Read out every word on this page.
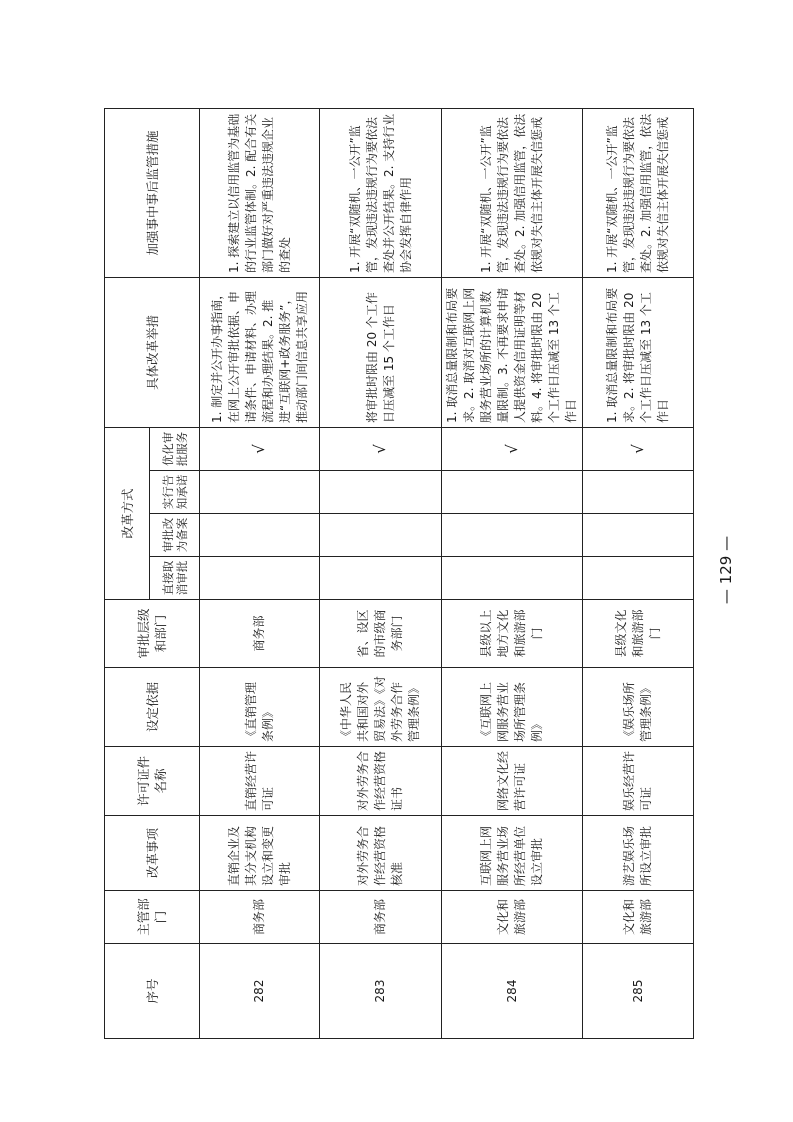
序号	主管部门	改革事项	许可证件名称	设定依据	审批层级和部门	改革方式				具体改革举措	加强事中事后监管措施
						直接取消审批	审批改为备案	实行告知承诺	优化审批服务		
282	商务部	直销企业及其分支机构设立和变更审批	直销经营许可证	《直销管理条例》	商务部				√	1. 制定并公开办事指南，在网上公开审批依据、申请条件、申请材料、办理流程和办理结果。2. 推进“互联网+政务服务”，推动部门间信息共享应用	1. 探索建立以信用监管为基础的行业监管体制。2. 配合有关部门做好对严重违法违规企业的查处
283	商务部	对外劳务合作经营资格核准	对外劳务合作经营资格证书	《中华人民共和国对外贸易法》《对外劳务合作管理条例》	省、设区的市级商务部门				√	将审批时限由 20 个工作日压减至 15 个工作日	1. 开展“双随机、一公开”监管，发现违法违规行为要依法查处并公开结果。2. 支持行业协会发挥自律作用
284	文化和旅游部	互联网上网服务营业场所经营单位设立审批	网络文化经营许可证	《互联网上网服务营业场所管理条例》	县级以上地方文化和旅游部门				√	1. 取消总量限制和布局要求。2. 取消对互联网上网服务营业场所的计算机数量限制。3. 不再要求申请人提供资金信用证明等材料。4. 将审批时限由 20 个工作日压减至 13 个工作日	1. 开展“双随机、一公开”监管，发现违法违规行为要依法查处。2. 加强信用监管，依法依规对失信主体开展失信惩戒
285	文化和旅游部	游艺娱乐场所设立审批	娱乐经营许可证	《娱乐场所管理条例》	县级文化和旅游部门				√	1. 取消总量限制和布局要求。2. 将审批时限由 20 个工作日压减至 13 个工作日	1. 开展“双随机、一公开”监管，发现违法违规行为要依法查处。2. 加强信用监管，依法依规对失信主体开展失信惩戒
— 129 —
